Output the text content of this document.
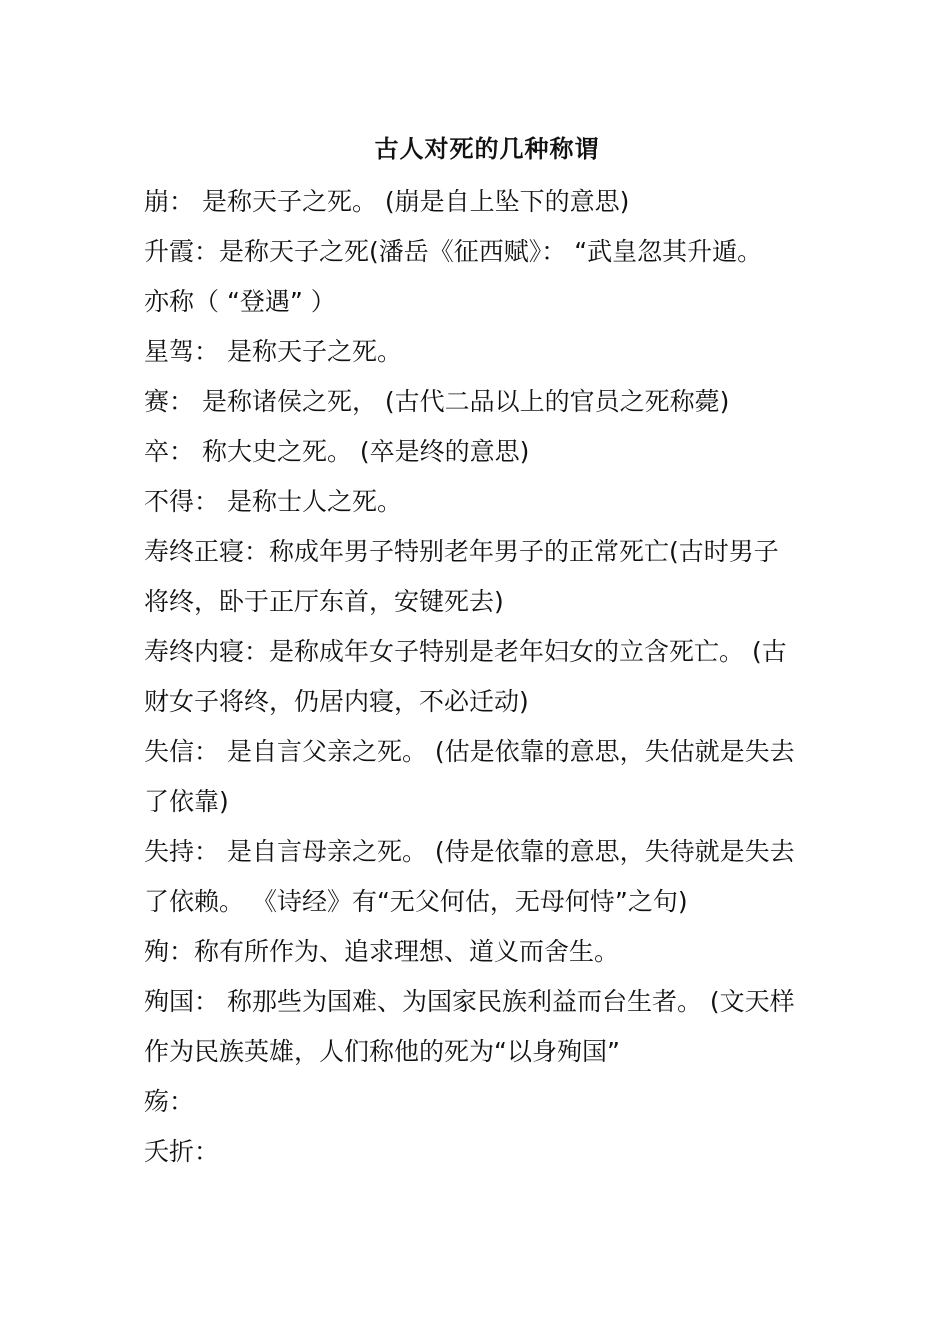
古人对死的几种称谓
崩： 是称天子之死。 (崩是自上坠下的意思)
升霞：是称天子之死(潘岳《征西赋》： “武皇忽其升遁。
亦称（ “登遇” ）
星驾： 是称天子之死。
赛： 是称诸侯之死， (古代二品以上的官员之死称薨)
卒： 称大史之死。 (卒是终的意思)
不得： 是称士人之死。
寿终正寝：称成年男子特别老年男子的正常死亡(古时男子
将终，卧于正厅东首，安键死去)
寿终内寝：是称成年女子特别是老年妇女的立含死亡。 (古
财女子将终，仍居内寝，不必迁动)
失信： 是自言父亲之死。 (估是依靠的意思，失估就是失去
了依靠)
失持： 是自言母亲之死。 (侍是依靠的意思，失待就是失去
了依赖。 《诗经》有“无父何估，无母何恃”之句)
殉：称有所作为、追求理想、道义而舍生。
殉国： 称那些为国难、为国家民族利益而台生者。 (文天样
作为民族英雄，人们称他的死为“以身殉国”
殇：
夭折：
